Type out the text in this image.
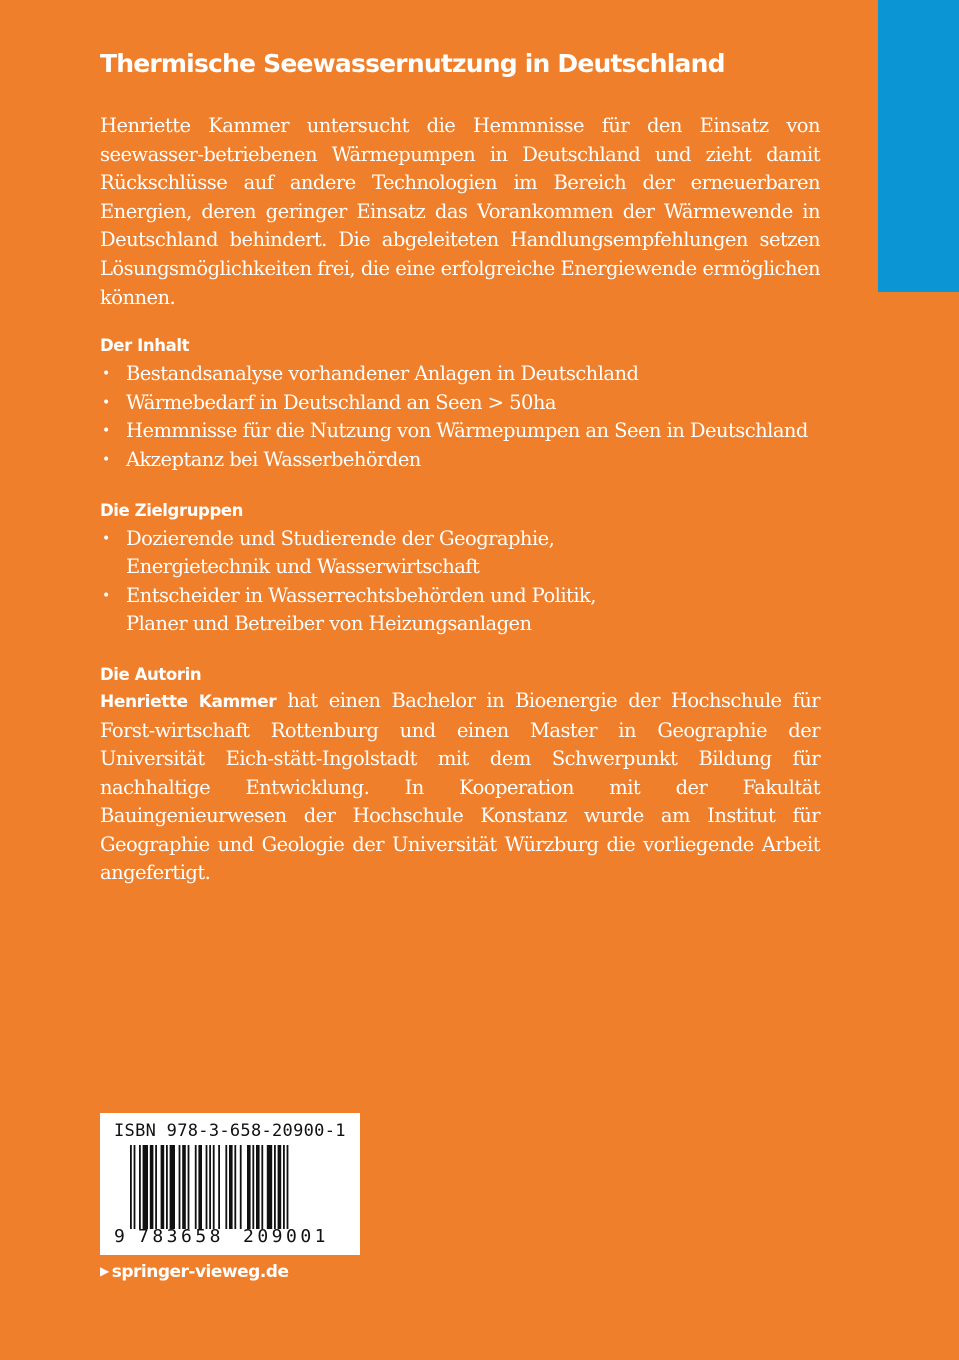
Thermische Seewassernutzung in Deutschland

Henriette Kammer untersucht die Hemmnisse für den Einsatz von seewasser-betriebenen Wärmepumpen in Deutschland und zieht damit Rückschlüsse auf andere Technologien im Bereich der erneuerbaren Energien, deren geringer Einsatz das Vorankommen der Wärmewende in Deutschland behindert. Die abgeleiteten Handlungsempfehlungen setzen Lösungsmöglichkeiten frei, die eine erfolgreiche Energiewende ermöglichen können.

Der Inhalt

• Bestandsanalyse vorhandener Anlagen in Deutschland
• Wärmebedarf in Deutschland an Seen > 50ha
• Hemmnisse für die Nutzung von Wärmepumpen an Seen in Deutschland
• Akzeptanz bei Wasserbehörden

Die Zielgruppen

• Dozierende und Studierende der Geographie,
Energietechnik und Wasserwirtschaft
• Entscheider in Wasserrechtsbehörden und Politik,
Planer und Betreiber von Heizungsanlagen

Die Autorin

Henriette Kammer hat einen Bachelor in Bioenergie der Hochschule für Forst-wirtschaft Rottenburg und einen Master in Geographie der Universität Eich-stätt-Ingolstadt mit dem Schwerpunkt Bildung für nachhaltige Entwicklung. In Kooperation mit der Fakultät Bauingenieurwesen der Hochschule Konstanz wurde am Institut für Geographie und Geologie der Universität Würzburg die vorliegende Arbeit angefertigt.

ISBN 978-3-658-20900-1
9 783658 209001
▶ springer-vieweg.de
